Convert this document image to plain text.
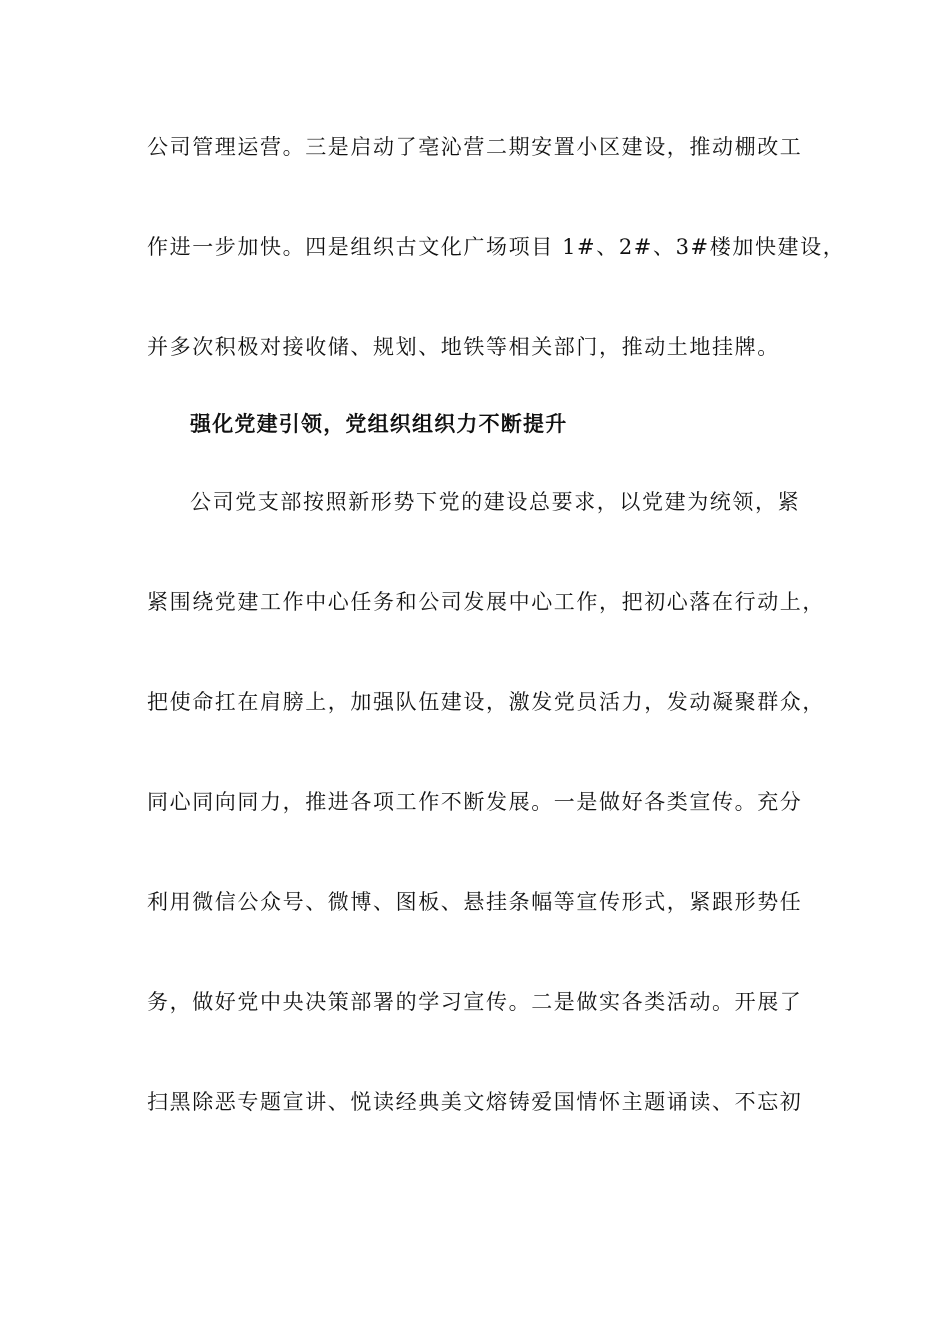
公司管理运营。三是启动了亳沁营二期安置小区建设，推动棚改工
作进一步加快。四是组织古文化广场项目 1#、2#、3#楼加快建设，
并多次积极对接收储、规划、地铁等相关部门，推动土地挂牌。
强化党建引领，党组织组织力不断提升
公司党支部按照新形势下党的建设总要求，以党建为统领，紧
紧围绕党建工作中心任务和公司发展中心工作，把初心落在行动上，
把使命扛在肩膀上，加强队伍建设，激发党员活力，发动凝聚群众，
同心同向同力，推进各项工作不断发展。一是做好各类宣传。充分
利用微信公众号、微博、图板、悬挂条幅等宣传形式，紧跟形势任
务，做好党中央决策部署的学习宣传。二是做实各类活动。开展了
扫黑除恶专题宣讲、悦读经典美文熔铸爱国情怀主题诵读、不忘初
